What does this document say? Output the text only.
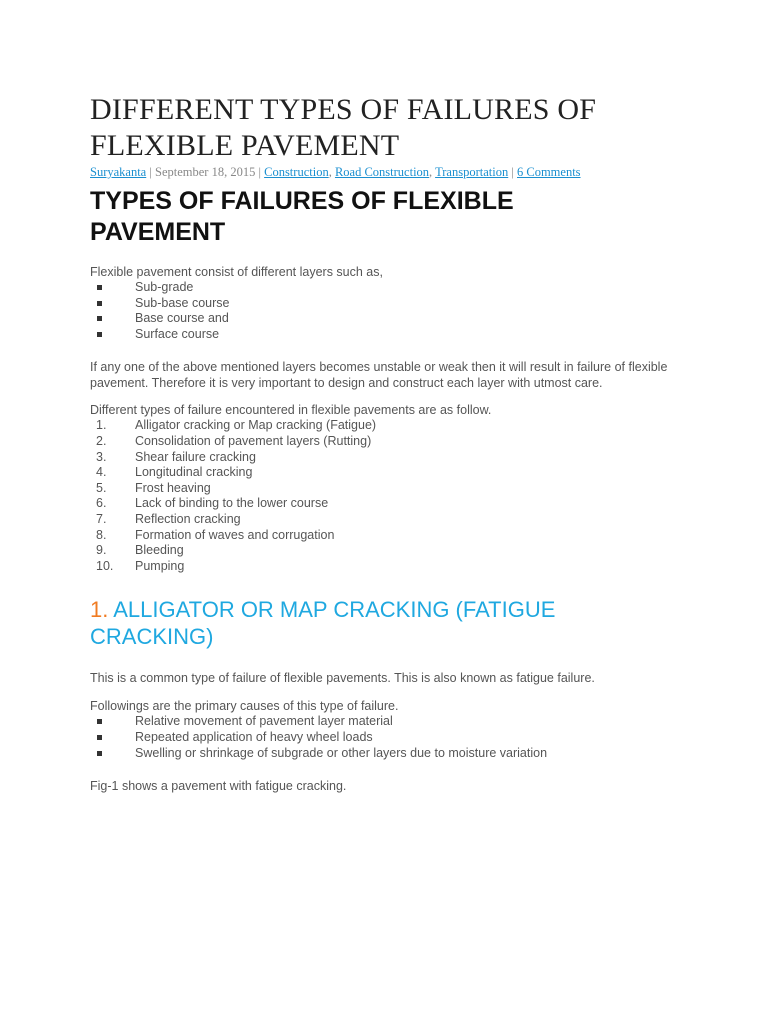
DIFFERENT TYPES OF FAILURES OF
FLEXIBLE PAVEMENT
Suryakanta | September 18, 2015 | Construction, Road Construction, Transportation | 6 Comments
TYPES OF FAILURES OF FLEXIBLE
PAVEMENT

Flexible pavement consist of different layers such as,

Sub-grade
Sub-base course
Base course and
Surface course

If any one of the above mentioned layers becomes unstable or weak then it will result in failure of flexible pavement. Therefore it is very important to design and construct each layer with utmost care.

Different types of failure encountered in flexible pavements are as follow.

1. Alligator cracking or Map cracking (Fatigue)
2. Consolidation of pavement layers (Rutting)
3. Shear failure cracking
4. Longitudinal cracking
5. Frost heaving
6. Lack of binding to the lower course
7. Reflection cracking
8. Formation of waves and corrugation
9. Bleeding
10. Pumping
1. ALLIGATOR OR MAP CRACKING (FATIGUE
CRACKING)

This is a common type of failure of flexible pavements. This is also known as fatigue failure.

Followings are the primary causes of this type of failure.

Relative movement of pavement layer material
Repeated application of heavy wheel loads
Swelling or shrinkage of subgrade or other layers due to moisture variation

Fig-1 shows a pavement with fatigue cracking.
